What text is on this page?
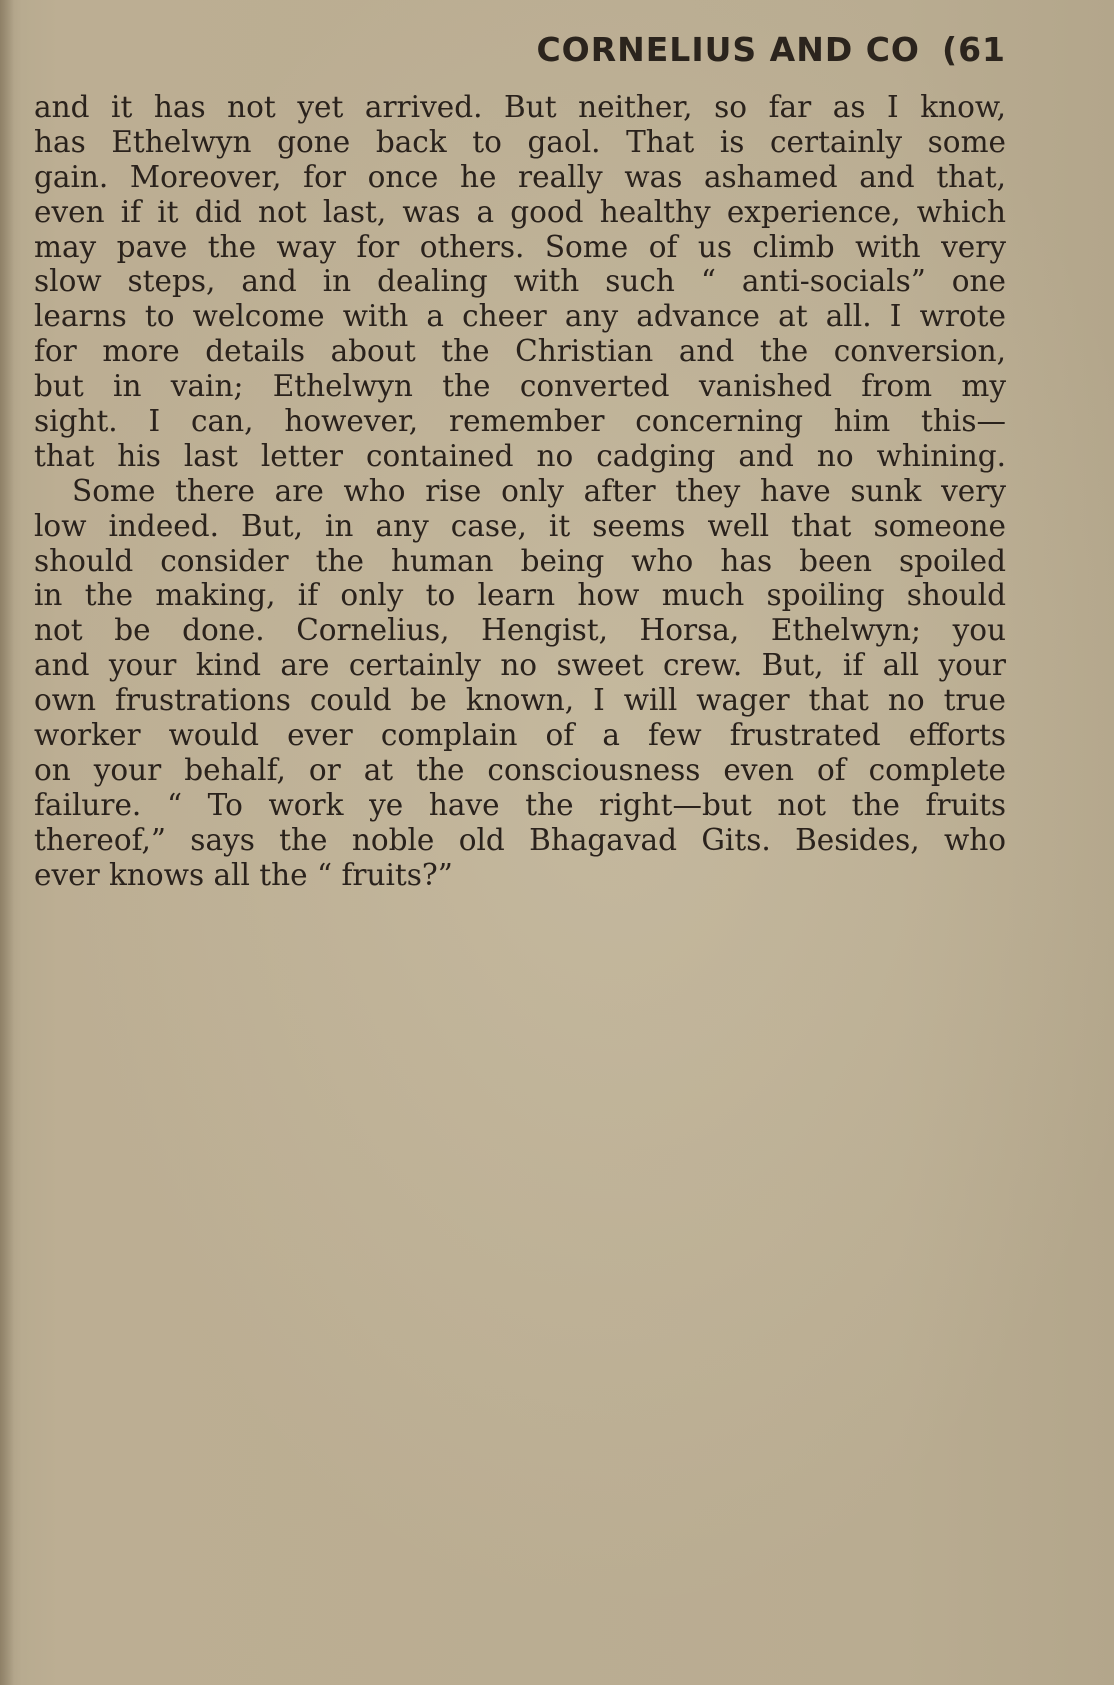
CORNELIUS AND CO (61
and it has not yet arrived. But neither, so far as I know,
has Ethelwyn gone back to gaol. That is certainly some
gain. Moreover, for once he really was ashamed and that,
even if it did not last, was a good healthy experience, which
may pave the way for others. Some of us climb with very
slow steps, and in dealing with such “ anti-socials” one
learns to welcome with a cheer any advance at all. I wrote
for more details about the Christian and the conversion,
but in vain; Ethelwyn the converted vanished from my
sight. I can, however, remember concerning him this—
that his last letter contained no cadging and no whining.
Some there are who rise only after they have sunk very
low indeed. But, in any case, it seems well that someone
should consider the human being who has been spoiled
in the making, if only to learn how much spoiling should
not be done. Cornelius, Hengist, Horsa, Ethelwyn; you
and your kind are certainly no sweet crew. But, if all your
own frustrations could be known, I will wager that no true
worker would ever complain of a few frustrated efforts
on your behalf, or at the consciousness even of complete
failure. “ To work ye have the right—but not the fruits
thereof,” says the noble old Bhagavad Gits. Besides, who
ever knows all the “ fruits?”
